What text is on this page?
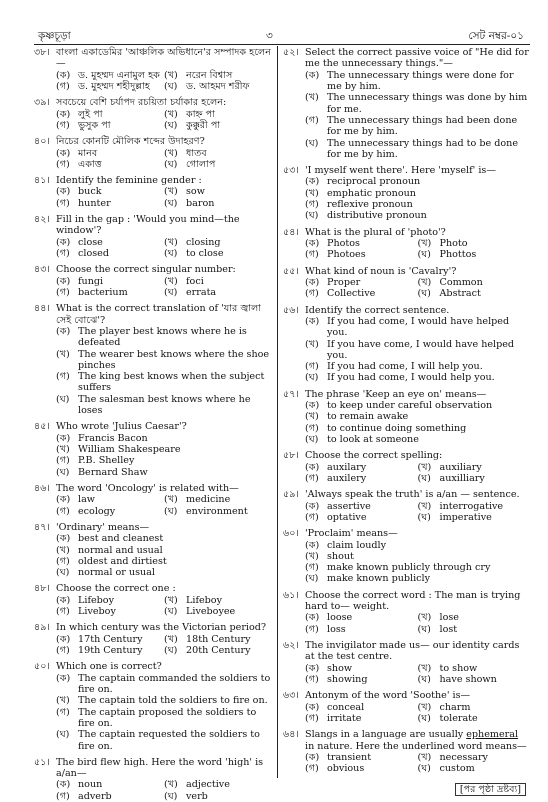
কৃষ্ণচূড়া	৩	সেট নম্বর-০১
৩৮। বাংলা একাডেমির 'আঞ্চলিক অভিধানে'র সম্পাদক হলেন—
(ক) ড. মুহম্মদ এনামুল হক (খ) নরেন বিশ্বাস
(গ) ড. মুহম্মদ শহীদুল্লাহ	(ঘ) ড. আহমদ শরীফ
৩৯। সবচেয়ে বেশি চর্যাপদ রচয়িতা চর্যাকার হলেন:
(ক) লুই পা	(খ) কাহ্ন পা
(গ) ভুসুক পা	(ঘ) কুক্কুরী পা
৪০। নিচের কোনটি মৌলিক শব্দের উদাহরণ?
(ক) মানব	(খ) ধাতব
(গ) একাত্ত	(ঘ) গোলাপ
৪১। Identify the feminine gender :
(ক) buck	(খ) sow
(গ) hunter	(ঘ) baron
৪২। Fill in the gap : 'Would you mind—the window'?
(ক) close	(খ) closing
(গ) closed	(ঘ) to close
৪৩। Choose the correct singular number:
(ক) fungi	(খ) foci
(গ) bacterium	(ঘ) errata
৪৪। What is the correct translation of 'যার জ্বালা সেই বোঝে'?
(ক) The player best knows where he is defeated
(খ) The wearer best knows where the shoe pinches
(গ) The king best knows when the subject suffers
(ঘ) The salesman best knows where he loses
৪৫। Who wrote 'Julius Caesar'?
(ক) Francis Bacon
(খ) William Shakespeare
(গ) P.B. Shelley
(ঘ) Bernard Shaw
৪৬। The word 'Oncology' is related with—
(ক) law	(খ) medicine
(গ) ecology	(ঘ) environment
৪৭। 'Ordinary' means—
(ক) best and cleanest
(খ) normal and usual
(গ) oldest and dirtiest
(ঘ) normal or usual
৪৮। Choose the correct one :
(ক) Lifeboy	(খ) Lifeboy
(গ) Liveboy	(ঘ) Liveboyee
৪৯। In which century was the Victorian period?
(ক) 17th Century	(খ) 18th Century
(গ) 19th Century	(ঘ) 20th Century
৫০। Which one is correct?
(ক) The captain commanded the soldiers to fire on.
(খ) The captain told the soldiers to fire on.
(গ) The captain proposed the soldiers to fire on.
(ঘ) The captain requested the soldiers to fire on.
৫১। The bird flew high. Here the word 'high' is a/an—
(ক) noun	(খ) adjective
(গ) adverb	(ঘ) verb
৫২। Select the correct passive voice of "He did for me the unnecessary things."—
(ক) The unnecessary things were done for me by him.
(খ) The unnecessary things was done by him for me.
(গ) The unnecessary things had been done for me by him.
(ঘ) The unnecessary things had to be done for me by him.
৫৩। 'I myself went there'. Here 'myself' is—
(ক) reciprocal pronoun
(খ) emphatic pronoun
(গ) reflexive pronoun
(ঘ) distributive pronoun
৫৪। What is the plural of 'photo'?
(ক) Photos	(খ) Photo
(গ) Photoes	(ঘ) Phottos
৫৫। What kind of noun is 'Cavalry'?
(ক) Proper	(খ) Common
(গ) Collective	(ঘ) Abstract
৫৬। Identify the correct sentence.
(ক) If you had come, I would have helped you.
(খ) If you have come, I would have helped you.
(গ) If you had come, I will help you.
(ঘ) If you had come, I would help you.
৫৭। The phrase 'Keep an eye on' means—
(ক) to keep under careful observation
(খ) to remain awake
(গ) to continue doing something
(ঘ) to look at someone
৫৮। Choose the correct spelling:
(ক) auxilary	(খ) auxiliary
(গ) auxilery	(ঘ) auxilliary
৫৯। 'Always speak the truth' is a/an — sentence.
(ক) assertive	(খ) interrogative
(গ) optative	(ঘ) imperative
৬০। 'Proclaim' means—
(ক) claim loudly
(খ) shout
(গ) make known publicly through cry
(ঘ) make known publicly
৬১। Choose the correct word : The man is trying hard to— weight.
(ক) loose	(খ) lose
(গ) loss	(ঘ) lost
৬২। The invigilator made us— our identity cards at the test centre.
(ক) show	(খ) to show
(গ) showing	(ঘ) have shown
৬৩। Antonym of the word 'Soothe' is—
(ক) conceal	(খ) charm
(গ) irritate	(ঘ) tolerate
৬৪। Slangs in a language are usually ephemeral in nature. Here the underlined word means—
(ক) transient	(খ) necessary
(গ) obvious	(ঘ) custom
[পর পৃষ্ঠা দ্রষ্টব্য]
